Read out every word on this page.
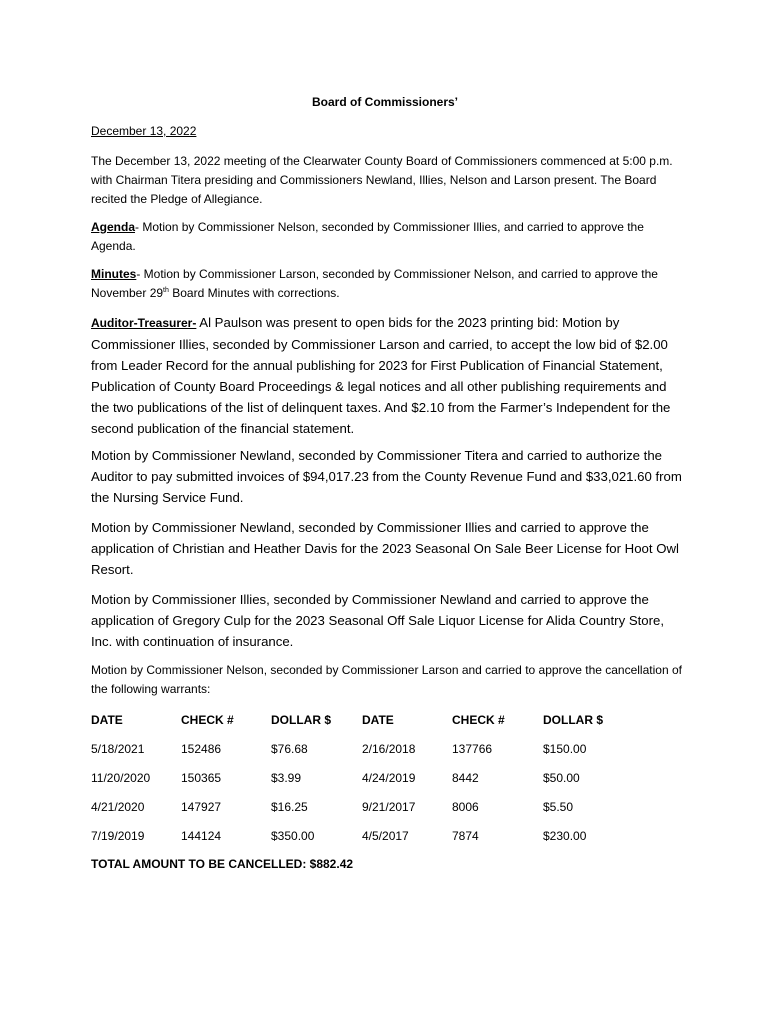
Board of Commissioners’
December 13, 2022

The December 13, 2022 meeting of the Clearwater County Board of Commissioners commenced at 5:00 p.m. with Chairman Titera presiding and Commissioners Newland, Illies, Nelson and Larson present. The Board recited the Pledge of Allegiance.

Agenda- Motion by Commissioner Nelson, seconded by Commissioner Illies, and carried to approve the Agenda.

Minutes- Motion by Commissioner Larson, seconded by Commissioner Nelson, and carried to approve the November 29th Board Minutes with corrections.

Auditor-Treasurer- Al Paulson was present to open bids for the 2023 printing bid: Motion by Commissioner Illies, seconded by Commissioner Larson and carried, to accept the low bid of $2.00 from Leader Record for the annual publishing for 2023 for First Publication of Financial Statement, Publication of County Board Proceedings & legal notices and all other publishing requirements and the two publications of the list of delinquent taxes. And $2.10 from the Farmer’s Independent for the second publication of the financial statement.

Motion by Commissioner Newland, seconded by Commissioner Titera and carried to authorize the Auditor to pay submitted invoices of $94,017.23 from the County Revenue Fund and $33,021.60 from the Nursing Service Fund.

Motion by Commissioner Newland, seconded by Commissioner Illies and carried to approve the application of Christian and Heather Davis for the 2023 Seasonal On Sale Beer License for Hoot Owl Resort.

Motion by Commissioner Illies, seconded by Commissioner Newland and carried to approve the application of Gregory Culp for the 2023 Seasonal Off Sale Liquor License for Alida Country Store, Inc. with continuation of insurance.

Motion by Commissioner Nelson, seconded by Commissioner Larson and carried to approve the cancellation of the following warrants:

DATE	CHECK #	DOLLAR $	DATE	CHECK #	DOLLAR $
5/18/2021	152486	$76.68	2/16/2018	137766	$150.00
11/20/2020	150365	$3.99	4/24/2019	8442	$50.00
4/21/2020	147927	$16.25	9/21/2017	8006	$5.50
7/19/2019	144124	$350.00	4/5/2017	7874	$230.00
TOTAL AMOUNT TO BE CANCELLED: $882.42
